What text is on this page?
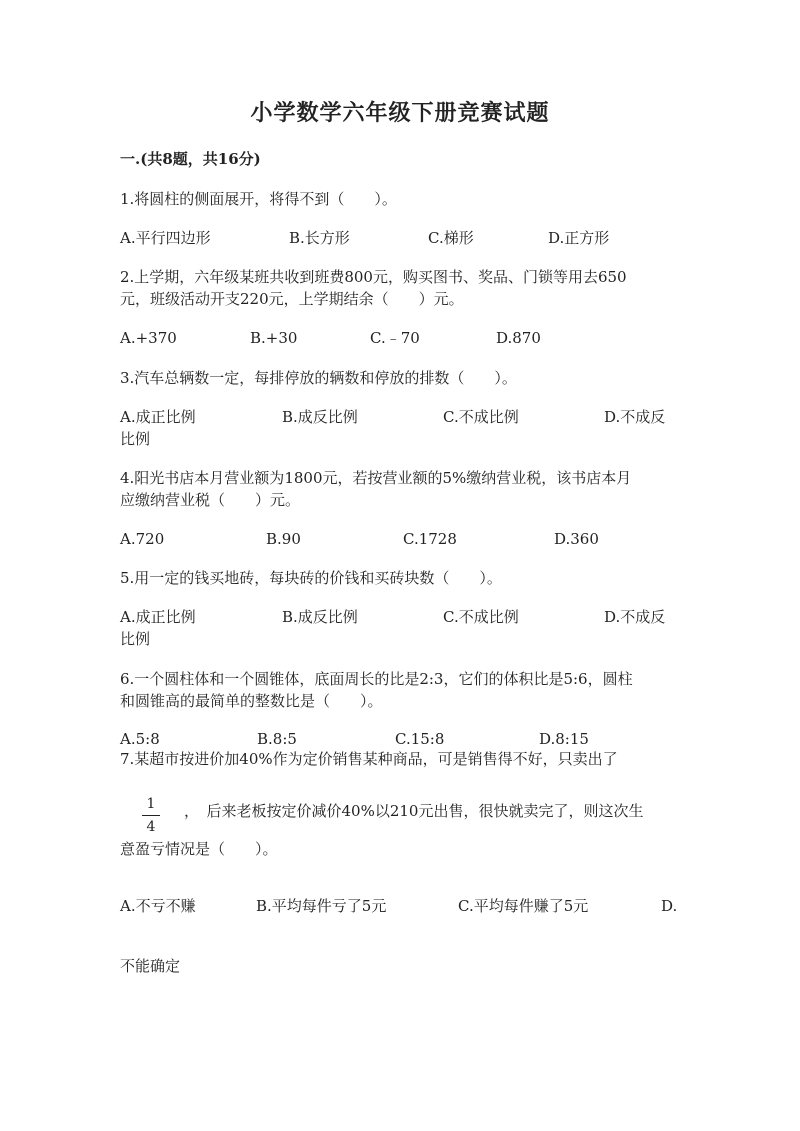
小学数学六年级下册竞赛试题
一.(共8题，共16分)
1.将圆柱的侧面展开，将得不到（　　）。
A.平行四边形	B.长方形	C.梯形	D.正方形
2.上学期，六年级某班共收到班费800元，购买图书、奖品、门锁等用去650
元，班级活动开支220元，上学期结余（　　）元。
A.+370	B.+30	C.﹣70	D.870
3.汽车总辆数一定，每排停放的辆数和停放的排数（　　）。
A.成正比例	B.成反比例	C.不成比例	D.不成反
比例
4.阳光书店本月营业额为1800元，若按营业额的5%缴纳营业税，该书店本月
应缴纳营业税（　　）元。
A.720	B.90	C.1728	D.360
5.用一定的钱买地砖，每块砖的价钱和买砖块数（　　）。
A.成正比例	B.成反比例	C.不成比例	D.不成反
比例
6.一个圆柱体和一个圆锥体，底面周长的比是2:3，它们的体积比是5:6，圆柱
和圆锥高的最简单的整数比是（　　）。
A.5:8	B.8:5	C.15:8	D.8:15
7.某超市按进价加40%作为定价销售某种商品，可是销售得不好，只卖出了
1
4
，　后来老板按定价减价40%以210元出售，很快就卖完了，则这次生
意盈亏情况是（　　）。
A.不亏不赚	B.平均每件亏了5元	C.平均每件赚了5元	D.
不能确定
